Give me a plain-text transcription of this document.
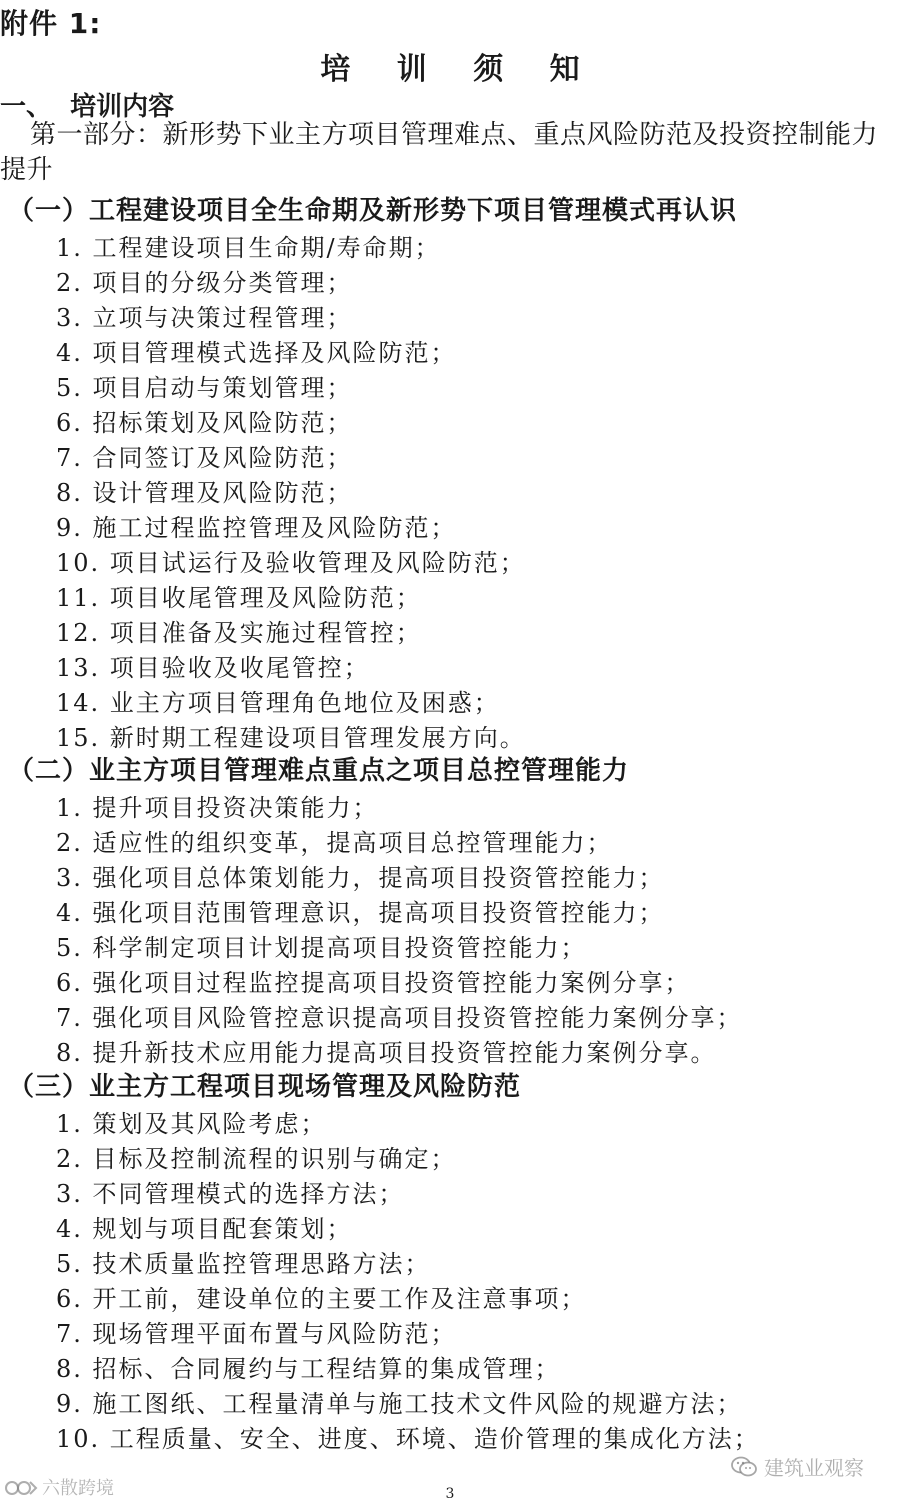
附件 1:
培 训 须 知
一、  培训内容
第一部分：新形势下业主方项目管理难点、重点风险防范及投资控制能力提升
（一）工程建设项目全生命期及新形势下项目管理模式再认识
1. 工程建设项目生命期/寿命期；
2. 项目的分级分类管理；
3. 立项与决策过程管理；
4. 项目管理模式选择及风险防范；
5. 项目启动与策划管理；
6. 招标策划及风险防范；
7. 合同签订及风险防范；
8. 设计管理及风险防范；
9. 施工过程监控管理及风险防范；
10. 项目试运行及验收管理及风险防范；
11. 项目收尾管理及风险防范；
12. 项目准备及实施过程管控；
13. 项目验收及收尾管控；
14. 业主方项目管理角色地位及困惑；
15. 新时期工程建设项目管理发展方向。
（二）业主方项目管理难点重点之项目总控管理能力
1. 提升项目投资决策能力；
2. 适应性的组织变革，提高项目总控管理能力；
3. 强化项目总体策划能力，提高项目投资管控能力；
4. 强化项目范围管理意识，提高项目投资管控能力；
5. 科学制定项目计划提高项目投资管控能力；
6. 强化项目过程监控提高项目投资管控能力案例分享；
7. 强化项目风险管控意识提高项目投资管控能力案例分享；
8. 提升新技术应用能力提高项目投资管控能力案例分享。
（三）业主方工程项目现场管理及风险防范
1. 策划及其风险考虑；
2. 目标及控制流程的识别与确定；
3. 不同管理模式的选择方法；
4. 规划与项目配套策划；
5. 技术质量监控管理思路方法；
6. 开工前，建设单位的主要工作及注意事项；
7. 现场管理平面布置与风险防范；
8. 招标、合同履约与工程结算的集成管理；
9. 施工图纸、工程量清单与施工技术文件风险的规避方法；
10. 工程质量、安全、进度、环境、造价管理的集成化方法；
3
六散跨境
建筑业观察
